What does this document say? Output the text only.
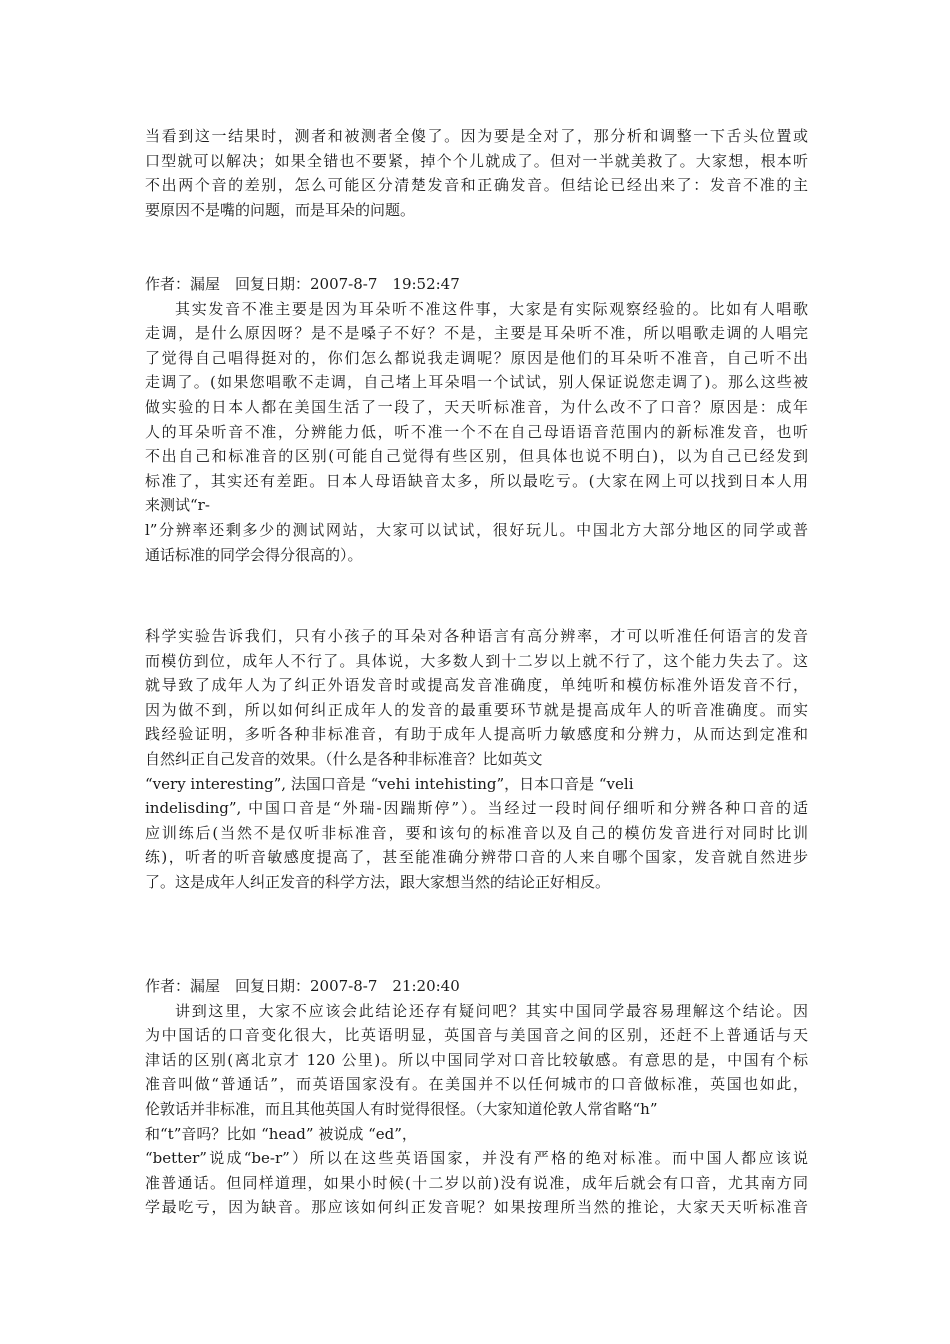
当看到这一结果时，测者和被测者全傻了。因为要是全对了，那分析和调整一下舌头位置或
口型就可以解决；如果全错也不要紧，掉个个儿就成了。但对一半就美救了。大家想，根本听
不出两个音的差别，怎么可能区分清楚发音和正确发音。但结论已经出来了：发音不准的主
要原因不是嘴的问题，而是耳朵的问题。
作者：漏屋　回复日期：2007-8-7　19:52:47
其实发音不准主要是因为耳朵听不准这件事，大家是有实际观察经验的。比如有人唱歌
走调，是什么原因呀？是不是嗓子不好？不是，主要是耳朵听不准，所以唱歌走调的人唱完
了觉得自己唱得挺对的，你们怎么都说我走调呢？原因是他们的耳朵听不准音，自己听不出
走调了。(如果您唱歌不走调，自己堵上耳朵唱一个试试，别人保证说您走调了)。那么这些被
做实验的日本人都在美国生活了一段了，天天听标准音，为什么改不了口音？原因是：成年
人的耳朵听音不准，分辨能力低，听不准一个不在自己母语语音范围内的新标准发音，也听
不出自己和标准音的区别(可能自己觉得有些区别，但具体也说不明白)，以为自己已经发到
标准了，其实还有差距。日本人母语缺音太多，所以最吃亏。(大家在网上可以找到日本人用
来测试“r-
l”分辨率还剩多少的测试网站，大家可以试试，很好玩儿。中国北方大部分地区的同学或普
通话标准的同学会得分很高的）。
科学实验告诉我们，只有小孩子的耳朵对各种语言有高分辨率，才可以听准任何语言的发音
而模仿到位，成年人不行了。具体说，大多数人到十二岁以上就不行了，这个能力失去了。这
就导致了成年人为了纠正外语发音时或提高发音准确度，单纯听和模仿标准外语发音不行，
因为做不到，所以如何纠正成年人的发音的最重要环节就是提高成年人的听音准确度。而实
践经验证明，多听各种非标准音，有助于成年人提高听力敏感度和分辨力，从而达到定准和
自然纠正自己发音的效果。（什么是各种非标准音？比如英文
“very interesting”, 法国口音是 “vehi intehisting”，日本口音是 “veli
indelisding”, 中国口音是“外瑞-因踹斯停”）。当经过一段时间仔细听和分辨各种口音的适
应训练后(当然不是仅听非标准音，要和该句的标准音以及自己的模仿发音进行对同时比训
练)，听者的听音敏感度提高了，甚至能准确分辨带口音的人来自哪个国家，发音就自然进步
了。这是成年人纠正发音的科学方法，跟大家想当然的结论正好相反。
作者：漏屋　回复日期：2007-8-7　21:20:40
讲到这里，大家不应该会此结论还存有疑问吧？其实中国同学最容易理解这个结论。因
为中国话的口音变化很大，比英语明显，英国音与美国音之间的区别，还赶不上普通话与天
津话的区别(离北京才 120 公里)。所以中国同学对口音比较敏感。有意思的是，中国有个标
准音叫做“普通话”，而英语国家没有。在美国并不以任何城市的口音做标准，英国也如此，
伦敦话并非标准，而且其他英国人有时觉得很怪。（大家知道伦敦人常省略“h”
和“t”音吗？比如 “head” 被说成 “ed”，
“better”说成“be-r”）所以在这些英语国家，并没有严格的绝对标准。而中国人都应该说
准普通话。但同样道理，如果小时候(十二岁以前)没有说准，成年后就会有口音，尤其南方同
学最吃亏，因为缺音。那应该如何纠正发音呢？如果按理所当然的推论，大家天天听标准音
